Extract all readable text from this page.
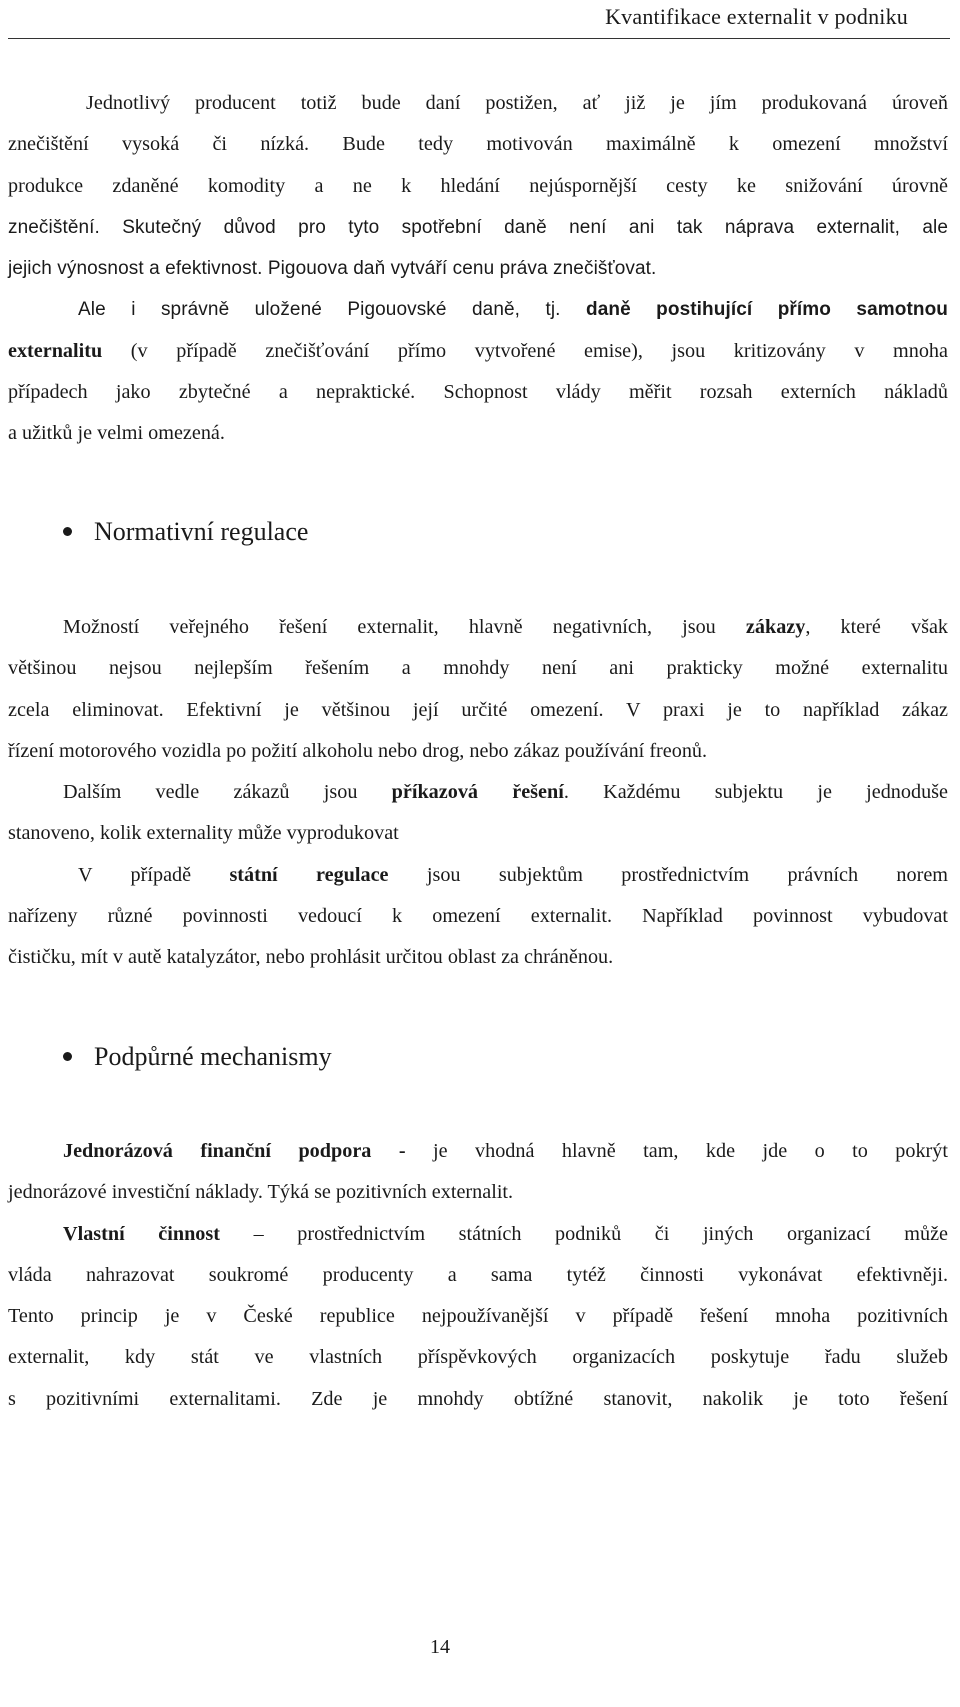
Kvantifikace externalit v podniku
Jednotlivý producent totiž bude daní postižen, ať již je jím produkovaná úroveň
znečištění vysoká či nízká. Bude tedy motivován maximálně k omezení množství
produkce zdaněné komodity a ne k hledání nejúspornější cesty ke snižování úrovně
znečištění. Skutečný důvod pro tyto spotřební daně není ani tak náprava externalit, ale
jejich výnosnost a efektivnost. Pigouova daň vytváří cenu práva znečišťovat.
Ale i správně uložené Pigouovské daně, tj. daně postihující přímo samotnou
externalitu (v případě znečišťování přímo vytvořené emise), jsou kritizovány v mnoha
případech jako zbytečné a nepraktické. Schopnost vlády měřit rozsah externích nákladů
a užitků je velmi omezená.
Normativní regulace
Možností veřejného řešení externalit, hlavně negativních, jsou zákazy, které však
většinou nejsou nejlepším řešením a mnohdy není ani prakticky možné externalitu
zcela eliminovat. Efektivní je většinou její určité omezení. V praxi je to například zákaz
řízení motorového vozidla po požití alkoholu nebo drog, nebo zákaz používání freonů.
Dalším vedle zákazů jsou příkazová řešení. Každému subjektu je jednoduše
stanoveno, kolik externality může vyprodukovat
V případě státní regulace jsou subjektům prostřednictvím právních norem
nařízeny různé povinnosti vedoucí k omezení externalit. Například povinnost vybudovat
čističku, mít v autě katalyzátor, nebo prohlásit určitou oblast za chráněnou.
Podpůrné mechanismy
Jednorázová finanční podpora - je vhodná hlavně tam, kde jde o to pokrýt
jednorázové investiční náklady. Týká se pozitivních externalit.
Vlastní činnost – prostřednictvím státních podniků či jiných organizací může
vláda nahrazovat soukromé producenty a sama tytéž činnosti vykonávat efektivněji.
Tento princip je v České republice nejpoužívanější v případě řešení mnoha pozitivních
externalit, kdy stát ve vlastních příspěvkových organizacích poskytuje řadu služeb
s pozitivními externalitami. Zde je mnohdy obtížné stanovit, nakolik je toto řešení
14
